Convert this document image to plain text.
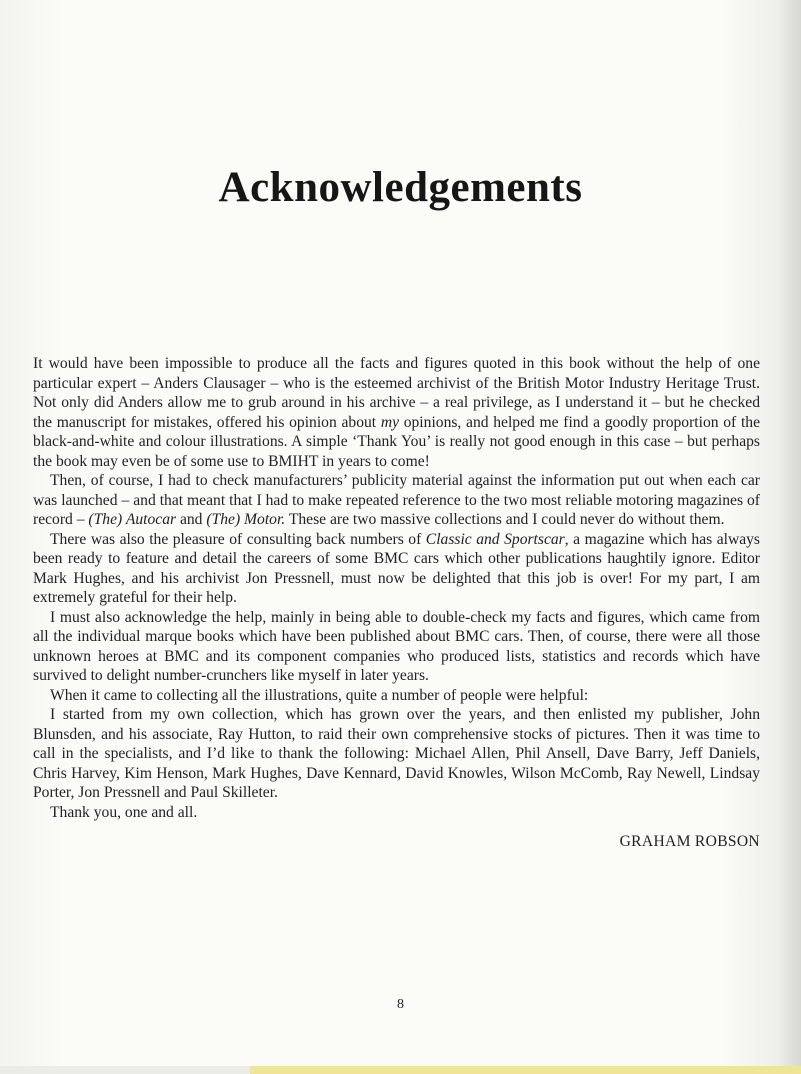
Acknowledgements

It would have been impossible to produce all the facts and figures quoted in this book without the help of one particular expert – Anders Clausager – who is the esteemed archivist of the British Motor Industry Heritage Trust. Not only did Anders allow me to grub around in his archive – a real privilege, as I understand it – but he checked the manuscript for mistakes, offered his opinion about my opinions, and helped me find a goodly proportion of the black-and-white and colour illustrations. A simple ‘Thank You’ is really not good enough in this case – but perhaps the book may even be of some use to BMIHT in years to come!

Then, of course, I had to check manufacturers’ publicity material against the information put out when each car was launched – and that meant that I had to make repeated reference to the two most reliable motoring magazines of record – (The) Autocar and (The) Motor. These are two massive collections and I could never do without them.

There was also the pleasure of consulting back numbers of Classic and Sportscar, a magazine which has always been ready to feature and detail the careers of some BMC cars which other publications haughtily ignore. Editor Mark Hughes, and his archivist Jon Pressnell, must now be delighted that this job is over! For my part, I am extremely grateful for their help.

I must also acknowledge the help, mainly in being able to double-check my facts and figures, which came from all the individual marque books which have been published about BMC cars. Then, of course, there were all those unknown heroes at BMC and its component companies who produced lists, statistics and records which have survived to delight number-crunchers like myself in later years.

When it came to collecting all the illustrations, quite a number of people were helpful:

I started from my own collection, which has grown over the years, and then enlisted my publisher, John Blunsden, and his associate, Ray Hutton, to raid their own comprehensive stocks of pictures. Then it was time to call in the specialists, and I’d like to thank the following: Michael Allen, Phil Ansell, Dave Barry, Jeff Daniels, Chris Harvey, Kim Henson, Mark Hughes, Dave Kennard, David Knowles, Wilson McComb, Ray Newell, Lindsay Porter, Jon Pressnell and Paul Skilleter.

Thank you, one and all.

GRAHAM ROBSON
8
